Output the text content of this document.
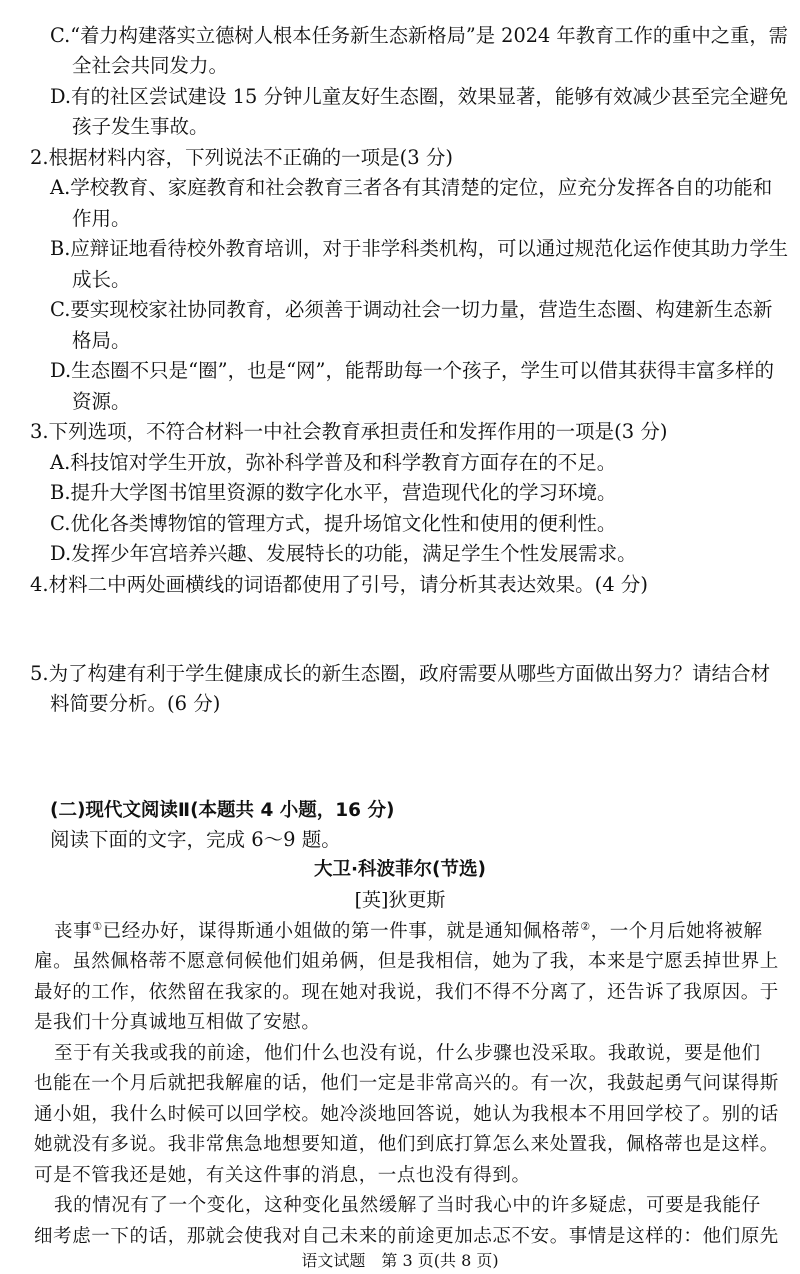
C.“着力构建落实立德树人根本任务新生态新格局”是 2024 年教育工作的重中之重，需
全社会共同发力。
D.有的社区尝试建设 15 分钟儿童友好生态圈，效果显著，能够有效减少甚至完全避免
孩子发生事故。
2.根据材料内容，下列说法不正确的一项是(3 分)
A.学校教育、家庭教育和社会教育三者各有其清楚的定位，应充分发挥各自的功能和
作用。
B.应辩证地看待校外教育培训，对于非学科类机构，可以通过规范化运作使其助力学生
成长。
C.要实现校家社协同教育，必须善于调动社会一切力量，营造生态圈、构建新生态新
格局。
D.生态圈不只是“圈”，也是“网”，能帮助每一个孩子，学生可以借其获得丰富多样的
资源。
3.下列选项，不符合材料一中社会教育承担责任和发挥作用的一项是(3 分)
A.科技馆对学生开放，弥补科学普及和科学教育方面存在的不足。
B.提升大学图书馆里资源的数字化水平，营造现代化的学习环境。
C.优化各类博物馆的管理方式，提升场馆文化性和使用的便利性。
D.发挥少年宫培养兴趣、发展特长的功能，满足学生个性发展需求。
4.材料二中两处画横线的词语都使用了引号，请分析其表达效果。(4 分)
5.为了构建有利于学生健康成长的新生态圈，政府需要从哪些方面做出努力？请结合材
料简要分析。(6 分)
(二)现代文阅读Ⅱ(本题共 4 小题，16 分)
阅读下面的文字，完成 6～9 题。
大卫·科波菲尔(节选)
[英]狄更斯
丧事①已经办好，谋得斯通小姐做的第一件事，就是通知佩格蒂②，一个月后她将被解
雇。虽然佩格蒂不愿意伺候他们姐弟俩，但是我相信，她为了我，本来是宁愿丢掉世界上
最好的工作，依然留在我家的。现在她对我说，我们不得不分离了，还告诉了我原因。于
是我们十分真诚地互相做了安慰。
至于有关我或我的前途，他们什么也没有说，什么步骤也没采取。我敢说，要是他们
也能在一个月后就把我解雇的话，他们一定是非常高兴的。有一次，我鼓起勇气问谋得斯
通小姐，我什么时候可以回学校。她冷淡地回答说，她认为我根本不用回学校了。别的话
她就没有多说。我非常焦急地想要知道，他们到底打算怎么来处置我，佩格蒂也是这样。
可是不管我还是她，有关这件事的消息，一点也没有得到。
我的情况有了一个变化，这种变化虽然缓解了当时我心中的许多疑虑，可要是我能仔
细考虑一下的话，那就会使我对自己未来的前途更加忐忑不安。事情是这样的：他们原先
语文试题　第 3 页(共 8 页)
